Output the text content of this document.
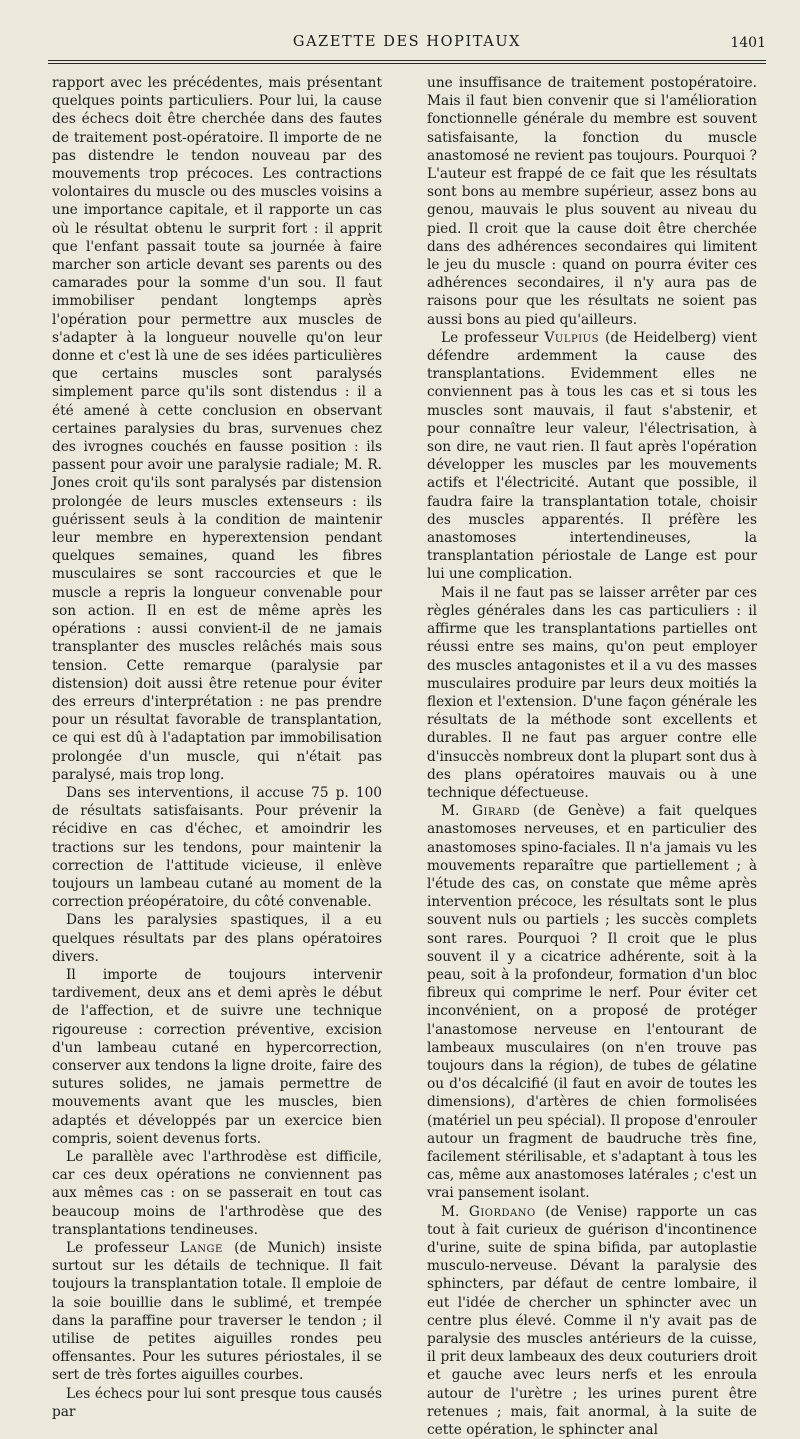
GAZETTE DES HOPITAUX	1401

rapport avec les précédentes, mais présentant quelques points particuliers. Pour lui, la cause des échecs doit être cherchée dans des fautes de traitement post-opératoire. Il importe de ne pas distendre le tendon nouveau par des mouvements trop précoces. Les contractions volontaires du muscle ou des muscles voisins a une importance capitale, et il rapporte un cas où le résultat obtenu le surprit fort : il apprit que l'enfant passait toute sa journée à faire marcher son article devant ses parents ou des camarades pour la somme d'un sou. Il faut immobiliser pendant longtemps après l'opération pour permettre aux muscles de s'adapter à la longueur nouvelle qu'on leur donne et c'est là une de ses idées particulières que certains muscles sont paralysés simplement parce qu'ils sont distendus : il a été amené à cette conclusion en observant certaines paralysies du bras, survenues chez des ivrognes couchés en fausse position : ils passent pour avoir une paralysie radiale; M. R. Jones croit qu'ils sont paralysés par distension prolongée de leurs muscles extenseurs : ils guérissent seuls à la condition de maintenir leur membre en hyperextension pendant quelques semaines, quand les fibres musculaires se sont raccourcies et que le muscle a repris la longueur convenable pour son action. Il en est de même après les opérations : aussi convient-il de ne jamais transplanter des muscles relâchés mais sous tension. Cette remarque (paralysie par distension) doit aussi être retenue pour éviter des erreurs d'interprétation : ne pas prendre pour un résultat favorable de transplantation, ce qui est dû à l'adaptation par immobilisation prolongée d'un muscle, qui n'était pas paralysé, mais trop long.

Dans ses interventions, il accuse 75 p. 100 de résultats satisfaisants. Pour prévenir la récidive en cas d'échec, et amoindrir les tractions sur les tendons, pour maintenir la correction de l'attitude vicieuse, il enlève toujours un lambeau cutané au moment de la correction préopératoire, du côté convenable.

Dans les paralysies spastiques, il a eu quelques résultats par des plans opératoires divers.

Il importe de toujours intervenir tardivement, deux ans et demi après le début de l'affection, et de suivre une technique rigoureuse : correction préventive, excision d'un lambeau cutané en hypercorrection, conserver aux tendons la ligne droite, faire des sutures solides, ne jamais permettre de mouvements avant que les muscles, bien adaptés et développés par un exercice bien compris, soient devenus forts.

Le parallèle avec l'arthrodèse est difficile, car ces deux opérations ne conviennent pas aux mêmes cas : on se passerait en tout cas beaucoup moins de l'arthrodèse que des transplantations tendineuses.

Le professeur Lange (de Munich) insiste surtout sur les détails de technique. Il fait toujours la transplantation totale. Il emploie de la soie bouillie dans le sublimé, et trempée dans la paraffine pour traverser le tendon ; il utilise de petites aiguilles rondes peu offensantes. Pour les sutures périostales, il se sert de très fortes aiguilles courbes.

Les échecs pour lui sont presque tous causés par

une insuffisance de traitement postopératoire. Mais il faut bien convenir que si l'amélioration fonctionnelle générale du membre est souvent satisfaisante, la fonction du muscle anastomosé ne revient pas toujours. Pourquoi ? L'auteur est frappé de ce fait que les résultats sont bons au membre supérieur, assez bons au genou, mauvais le plus souvent au niveau du pied. Il croit que la cause doit être cherchée dans des adhérences secondaires qui limitent le jeu du muscle : quand on pourra éviter ces adhérences secondaires, il n'y aura pas de raisons pour que les résultats ne soient pas aussi bons au pied qu'ailleurs.

Le professeur Vulpius (de Heidelberg) vient défendre ardemment la cause des transplantations. Evidemment elles ne conviennent pas à tous les cas et si tous les muscles sont mauvais, il faut s'abstenir, et pour connaître leur valeur, l'électrisation, à son dire, ne vaut rien. Il faut après l'opération développer les muscles par les mouvements actifs et l'électricité. Autant que possible, il faudra faire la transplantation totale, choisir des muscles apparentés. Il préfère les anastomoses intertendineuses, la transplantation périostale de Lange est pour lui une complication.

Mais il ne faut pas se laisser arrêter par ces règles générales dans les cas particuliers : il affirme que les transplantations partielles ont réussi entre ses mains, qu'on peut employer des muscles antagonistes et il a vu des masses musculaires produire par leurs deux moitiés la flexion et l'extension. D'une façon générale les résultats de la méthode sont excellents et durables. Il ne faut pas arguer contre elle d'insuccès nombreux dont la plupart sont dus à des plans opératoires mauvais ou à une technique défectueuse.

M. Girard (de Genève) a fait quelques anastomoses nerveuses, et en particulier des anastomoses spino-faciales. Il n'a jamais vu les mouvements reparaître que partiellement ; à l'étude des cas, on constate que même après intervention précoce, les résultats sont le plus souvent nuls ou partiels ; les succès complets sont rares. Pourquoi ? Il croit que le plus souvent il y a cicatrice adhérente, soit à la peau, soit à la profondeur, formation d'un bloc fibreux qui comprime le nerf. Pour éviter cet inconvénient, on a proposé de protéger l'anastomose nerveuse en l'entourant de lambeaux musculaires (on n'en trouve pas toujours dans la région), de tubes de gélatine ou d'os décalcifié (il faut en avoir de toutes les dimensions), d'artères de chien formolisées (matériel un peu spécial). Il propose d'enrouler autour un fragment de baudruche très fine, facilement stérilisable, et s'adaptant à tous les cas, même aux anastomoses latérales ; c'est un vrai pansement isolant.

M. Giordano (de Venise) rapporte un cas tout à fait curieux de guérison d'incontinence d'urine, suite de spina bifida, par autoplastie musculo-nerveuse. Dévant la paralysie des sphincters, par défaut de centre lombaire, il eut l'idée de chercher un sphincter avec un centre plus élevé. Comme il n'y avait pas de paralysie des muscles antérieurs de la cuisse, il prit deux lambeaux des deux couturiers droit et gauche avec leurs nerfs et les enroula autour de l'urètre ; les urines purent être retenues ; mais, fait anormal, à la suite de cette opération, le sphincter anal
